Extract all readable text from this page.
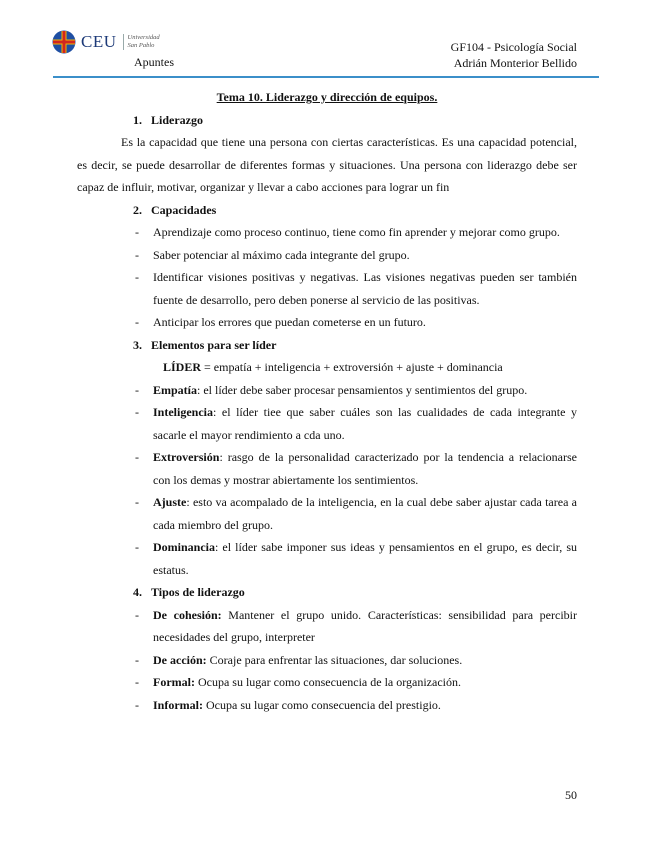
CEU	Universidad
San Pablo
Apuntes
GF104 - Psicología Social
Adrián Monterior Bellido
Tema 10. Liderazgo y dirección de equipos.
1. Liderazgo
Es la capacidad que tiene una persona con ciertas características. Es una capacidad potencial, es decir, se puede desarrollar de diferentes formas y situaciones. Una persona con liderazgo debe ser capaz de influir, motivar, organizar y llevar a cabo acciones para lograr un fin
2. Capacidades
- Aprendizaje como proceso continuo, tiene como fin aprender y mejorar como grupo.
- Saber potenciar al máximo cada integrante del grupo.
- Identificar visiones positivas y negativas. Las visiones negativas pueden ser también fuente de desarrollo, pero deben ponerse al servicio de las positivas.
- Anticipar los errores que puedan cometerse en un futuro.
3. Elementos para ser líder
LÍDER = empatía + inteligencia + extroversión + ajuste + dominancia
- Empatía: el líder debe saber procesar pensamientos y sentimientos del grupo.
- Inteligencia: el líder tiee que saber cuáles son las cualidades de cada integrante y sacarle el mayor rendimiento a cda uno.
- Extroversión: rasgo de la personalidad caracterizado por la tendencia a relacionarse con los demas y mostrar abiertamente los sentimientos.
- Ajuste: esto va acompalado de la inteligencia, en la cual debe saber ajustar cada tarea a cada miembro del grupo.
- Dominancia: el líder sabe imponer sus ideas y pensamientos en el grupo, es decir, su estatus.
4. Tipos de liderazgo
- De cohesión: Mantener el grupo unido. Características: sensibilidad para percibir necesidades del grupo, interpreter
- De acción: Coraje para enfrentar las situaciones, dar soluciones.
- Formal: Ocupa su lugar como consecuencia de la organización.
- Informal: Ocupa su lugar como consecuencia del prestigio.
50
